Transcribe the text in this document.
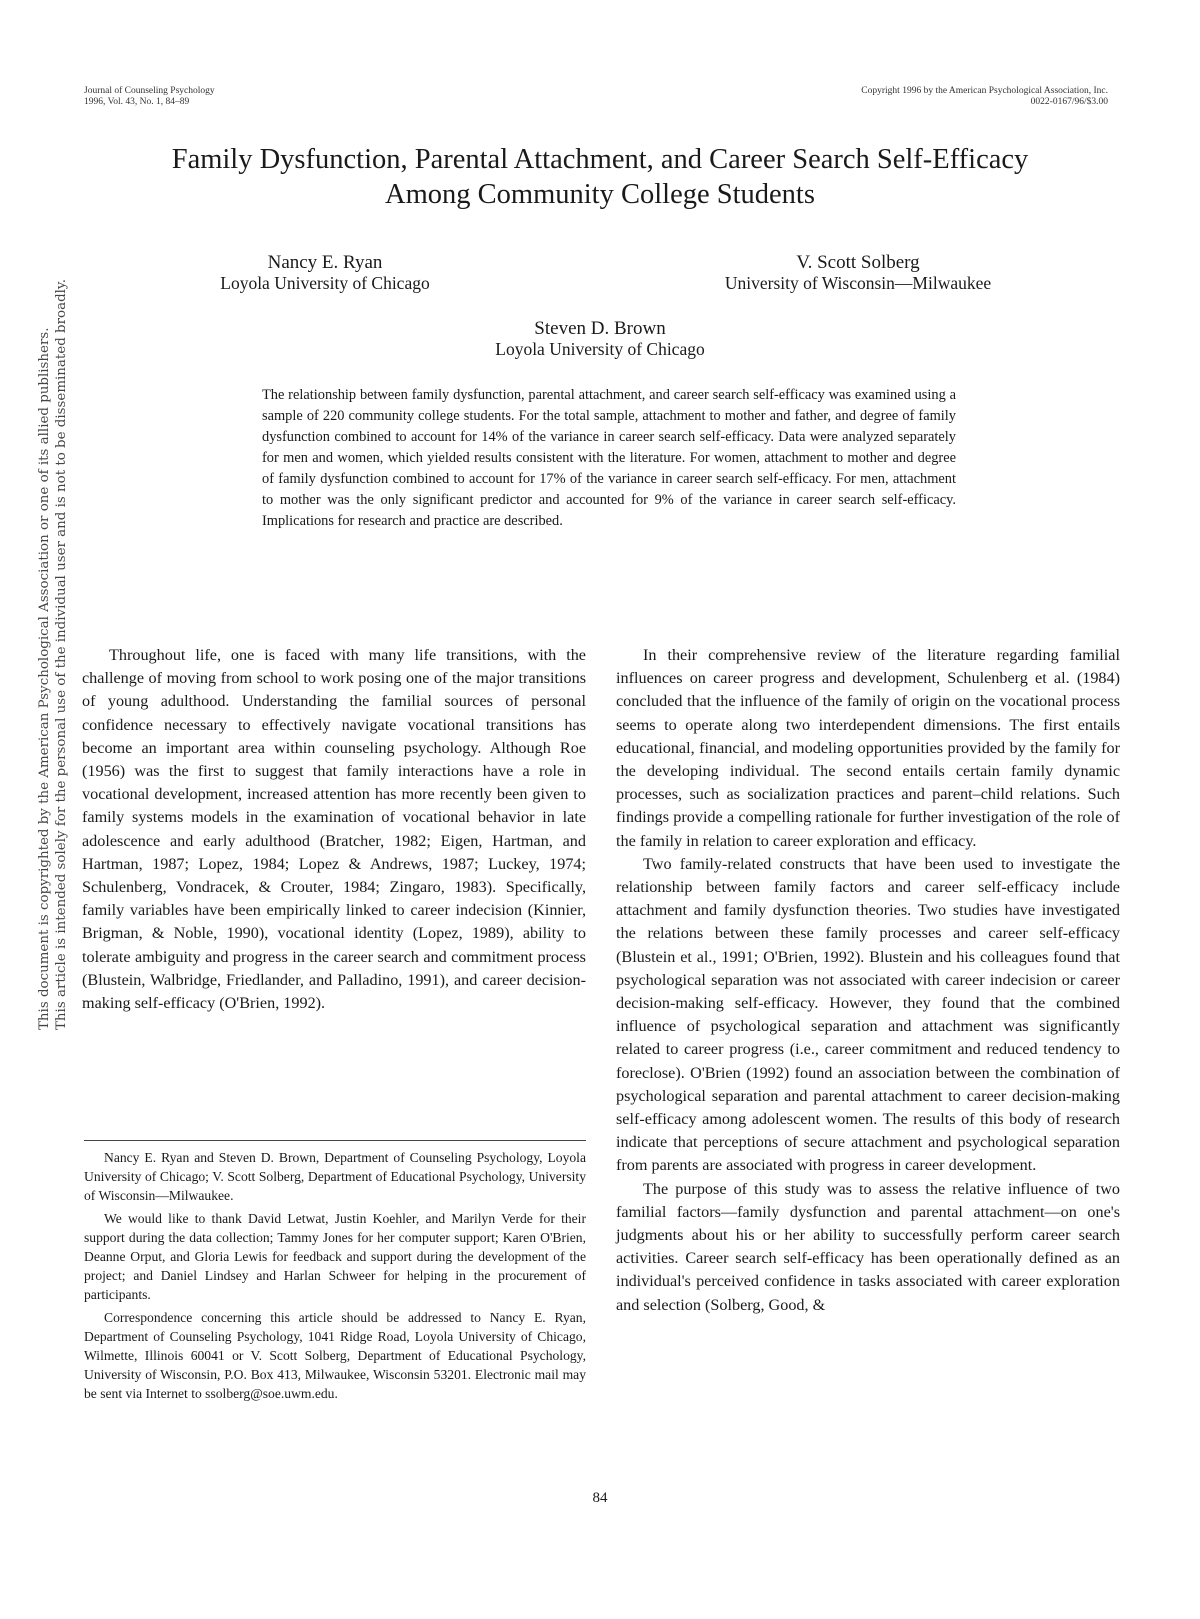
Journal of Counseling Psychology
1996, Vol. 43, No. 1, 84–89
Copyright 1996 by the American Psychological Association, Inc.
0022-0167/96/$3.00
Family Dysfunction, Parental Attachment, and Career Search Self-Efficacy
Among Community College Students
Nancy E. Ryan
Loyola University of Chicago
V. Scott Solberg
University of Wisconsin—Milwaukee
Steven D. Brown
Loyola University of Chicago

The relationship between family dysfunction, parental attachment, and career search self-efficacy was examined using a sample of 220 community college students. For the total sample, attachment to mother and father, and degree of family dysfunction combined to account for 14% of the variance in career search self-efficacy. Data were analyzed separately for men and women, which yielded results consistent with the literature. For women, attachment to mother and degree of family dysfunction combined to account for 17% of the variance in career search self-efficacy. For men, attachment to mother was the only significant predictor and accounted for 9% of the variance in career search self-efficacy. Implications for research and practice are described.

Throughout life, one is faced with many life transitions, with the challenge of moving from school to work posing one of the major transitions of young adulthood. Understanding the familial sources of personal confidence necessary to effectively navigate vocational transitions has become an important area within counseling psychology. Although Roe (1956) was the first to suggest that family interactions have a role in vocational development, increased attention has more recently been given to family systems models in the examination of vocational behavior in late adolescence and early adulthood (Bratcher, 1982; Eigen, Hartman, and Hartman, 1987; Lopez, 1984; Lopez & Andrews, 1987; Luckey, 1974; Schulenberg, Vondracek, & Crouter, 1984; Zingaro, 1983). Specifically, family variables have been empirically linked to career indecision (Kinnier, Brigman, & Noble, 1990), vocational identity (Lopez, 1989), ability to tolerate ambiguity and progress in the career search and commitment process (Blustein, Walbridge, Friedlander, and Palladino, 1991), and career decision-making self-efficacy (O'Brien, 1992).

In their comprehensive review of the literature regarding familial influences on career progress and development, Schulenberg et al. (1984) concluded that the influence of the family of origin on the vocational process seems to operate along two interdependent dimensions. The first entails educational, financial, and modeling opportunities provided by the family for the developing individual. The second entails certain family dynamic processes, such as socialization practices and parent–child relations. Such findings provide a compelling rationale for further investigation of the role of the family in relation to career exploration and efficacy.

Two family-related constructs that have been used to investigate the relationship between family factors and career self-efficacy include attachment and family dysfunction theories. Two studies have investigated the relations between these family processes and career self-efficacy (Blustein et al., 1991; O'Brien, 1992). Blustein and his colleagues found that psychological separation was not associated with career indecision or career decision-making self-efficacy. However, they found that the combined influence of psychological separation and attachment was significantly related to career progress (i.e., career commitment and reduced tendency to foreclose). O'Brien (1992) found an association between the combination of psychological separation and parental attachment to career decision-making self-efficacy among adolescent women. The results of this body of research indicate that perceptions of secure attachment and psychological separation from parents are associated with progress in career development.

The purpose of this study was to assess the relative influence of two familial factors—family dysfunction and parental attachment—on one's judgments about his or her ability to successfully perform career search activities. Career search self-efficacy has been operationally defined as an individual's perceived confidence in tasks associated with career exploration and selection (Solberg, Good, &

Nancy E. Ryan and Steven D. Brown, Department of Counseling Psychology, Loyola University of Chicago; V. Scott Solberg, Department of Educational Psychology, University of Wisconsin—Milwaukee.

We would like to thank David Letwat, Justin Koehler, and Marilyn Verde for their support during the data collection; Tammy Jones for her computer support; Karen O'Brien, Deanne Orput, and Gloria Lewis for feedback and support during the development of the project; and Daniel Lindsey and Harlan Schweer for helping in the procurement of participants.

Correspondence concerning this article should be addressed to Nancy E. Ryan, Department of Counseling Psychology, 1041 Ridge Road, Loyola University of Chicago, Wilmette, Illinois 60041 or V. Scott Solberg, Department of Educational Psychology, University of Wisconsin, P.O. Box 413, Milwaukee, Wisconsin 53201. Electronic mail may be sent via Internet to ssolberg@soe.uwm.edu.

84
This document is copyrighted by the American Psychological Association or one of its allied publishers. This article is intended solely for the personal use of the individual user and is not to be disseminated broadly.
